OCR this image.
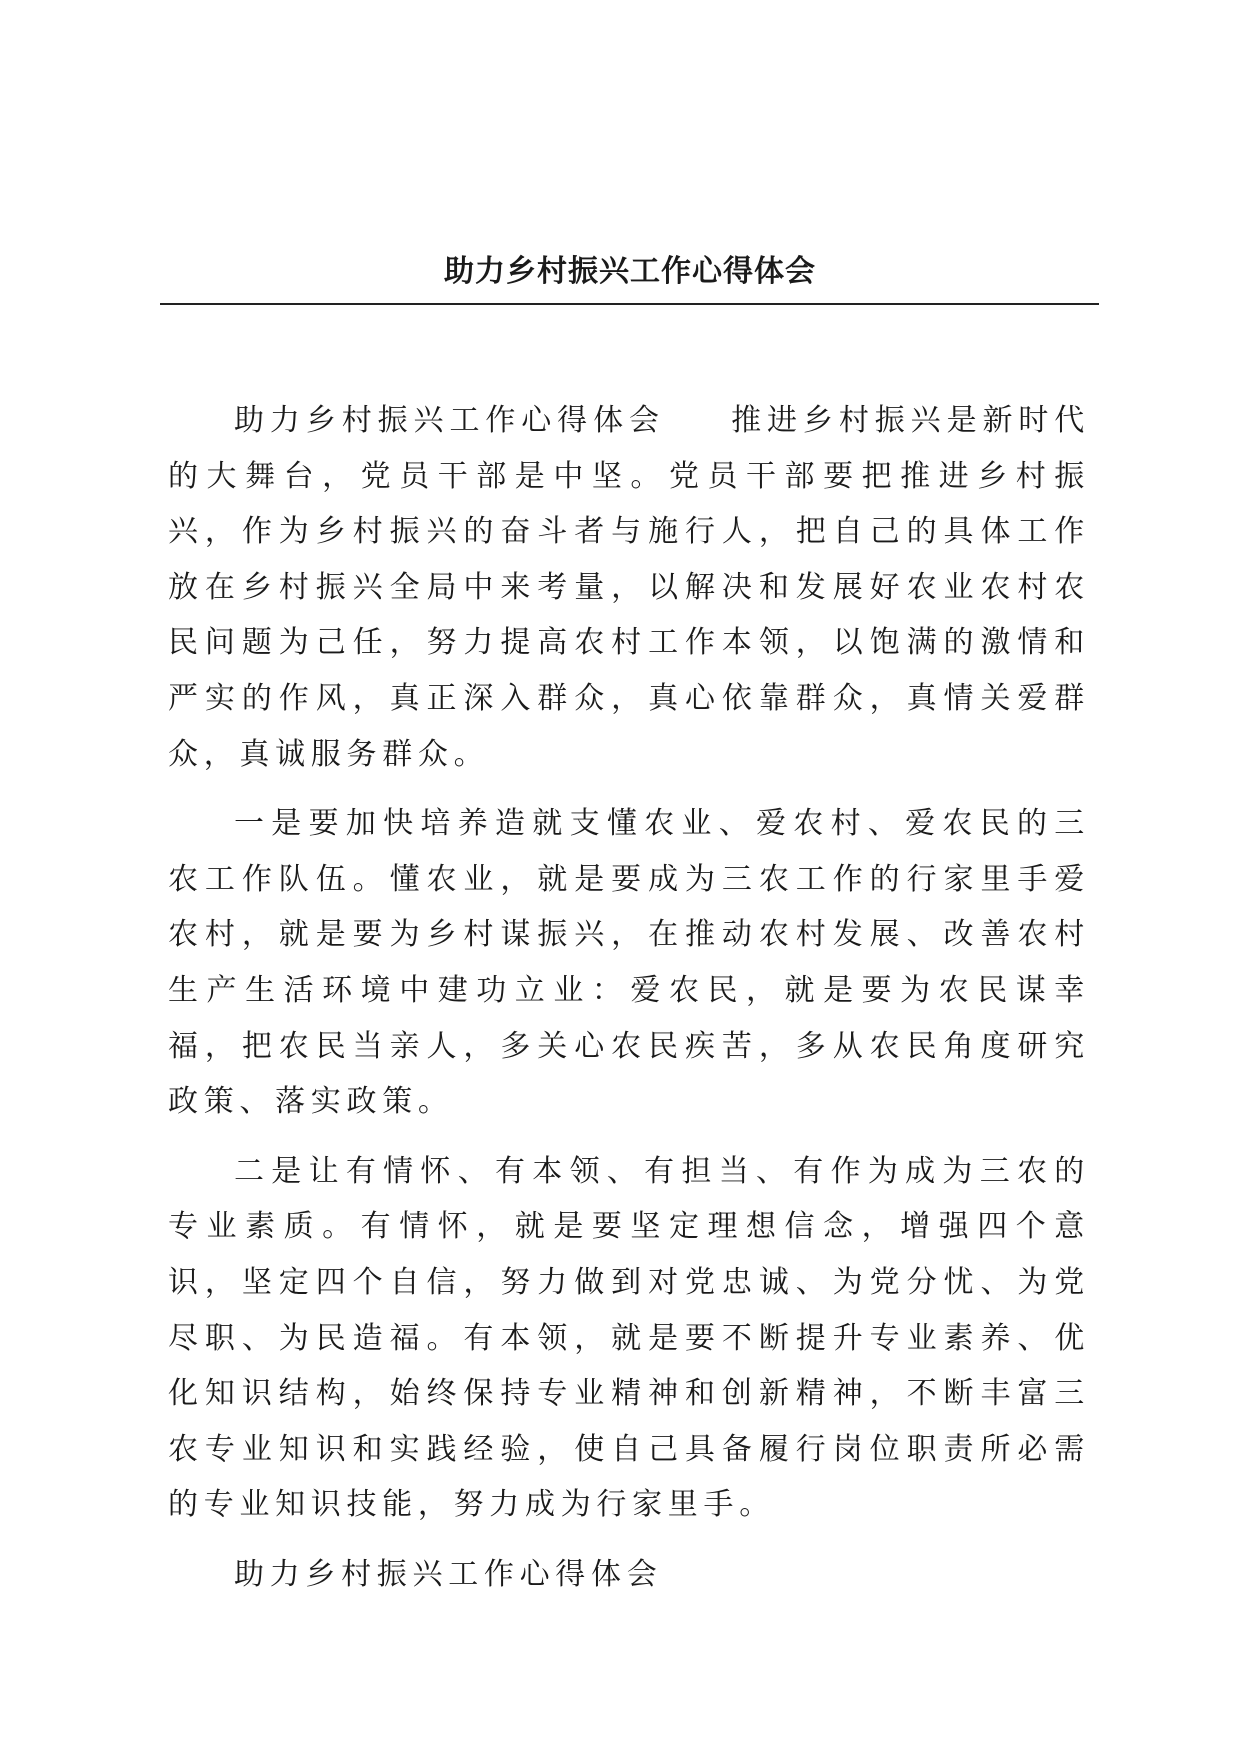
助力乡村振兴工作心得体会

助力乡村振兴工作心得体会 推进乡村振兴是新时代的大舞台，党员干部是中坚。党员干部要把推进乡村振兴，作为乡村振兴的奋斗者与施行人，把自己的具体工作放在乡村振兴全局中来考量，以解决和发展好农业农村农民问题为己任，努力提高农村工作本领，以饱满的激情和严实的作风，真正深入群众，真心依靠群众，真情关爱群众，真诚服务群众。

一是要加快培养造就支懂农业、爱农村、爱农民的三农工作队伍。懂农业，就是要成为三农工作的行家里手爱农村，就是要为乡村谋振兴，在推动农村发展、改善农村生产生活环境中建功立业：爱农民，就是要为农民谋幸福，把农民当亲人，多关心农民疾苦，多从农民角度研究政策、落实政策。

二是让有情怀、有本领、有担当、有作为成为三农的专业素质。有情怀，就是要坚定理想信念，增强四个意识，坚定四个自信，努力做到对党忠诚、为党分忧、为党尽职、为民造福。有本领，就是要不断提升专业素养、优化知识结构，始终保持专业精神和创新精神，不断丰富三农专业知识和实践经验，使自己具备履行岗位职责所必需的专业知识技能，努力成为行家里手。

助力乡村振兴工作心得体会
